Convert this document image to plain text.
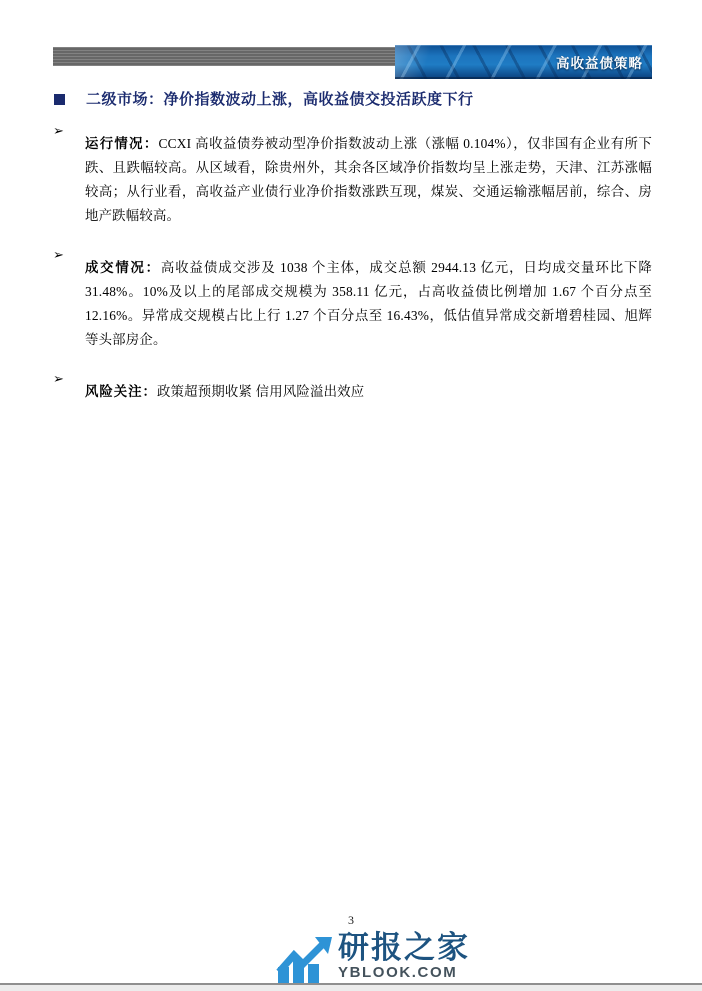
高收益债策略
二级市场：净价指数波动上涨，高收益债交投活跃度下行
➢

运行情况：CCXI 高收益债券被动型净价指数波动上涨（涨幅 0.104%），仅非国有企业有所下跌、且跌幅较高。从区域看，除贵州外，其余各区域净价指数均呈上涨走势，天津、江苏涨幅较高；从行业看，高收益产业债行业净价指数涨跌互现，煤炭、交通运输涨幅居前，综合、房地产跌幅较高。

➢

成交情况：高收益债成交涉及 1038 个主体，成交总额 2944.13 亿元，日均成交量环比下降 31.48%。10%及以上的尾部成交规模为 358.11 亿元，占高收益债比例增加 1.67 个百分点至 12.16%。异常成交规模占比上行 1.27 个百分点至 16.43%，低估值异常成交新增碧桂园、旭辉等头部房企。

➢

风险关注：政策超预期收紧 信用风险溢出效应

3
研报之家
YBLOOK.COM
